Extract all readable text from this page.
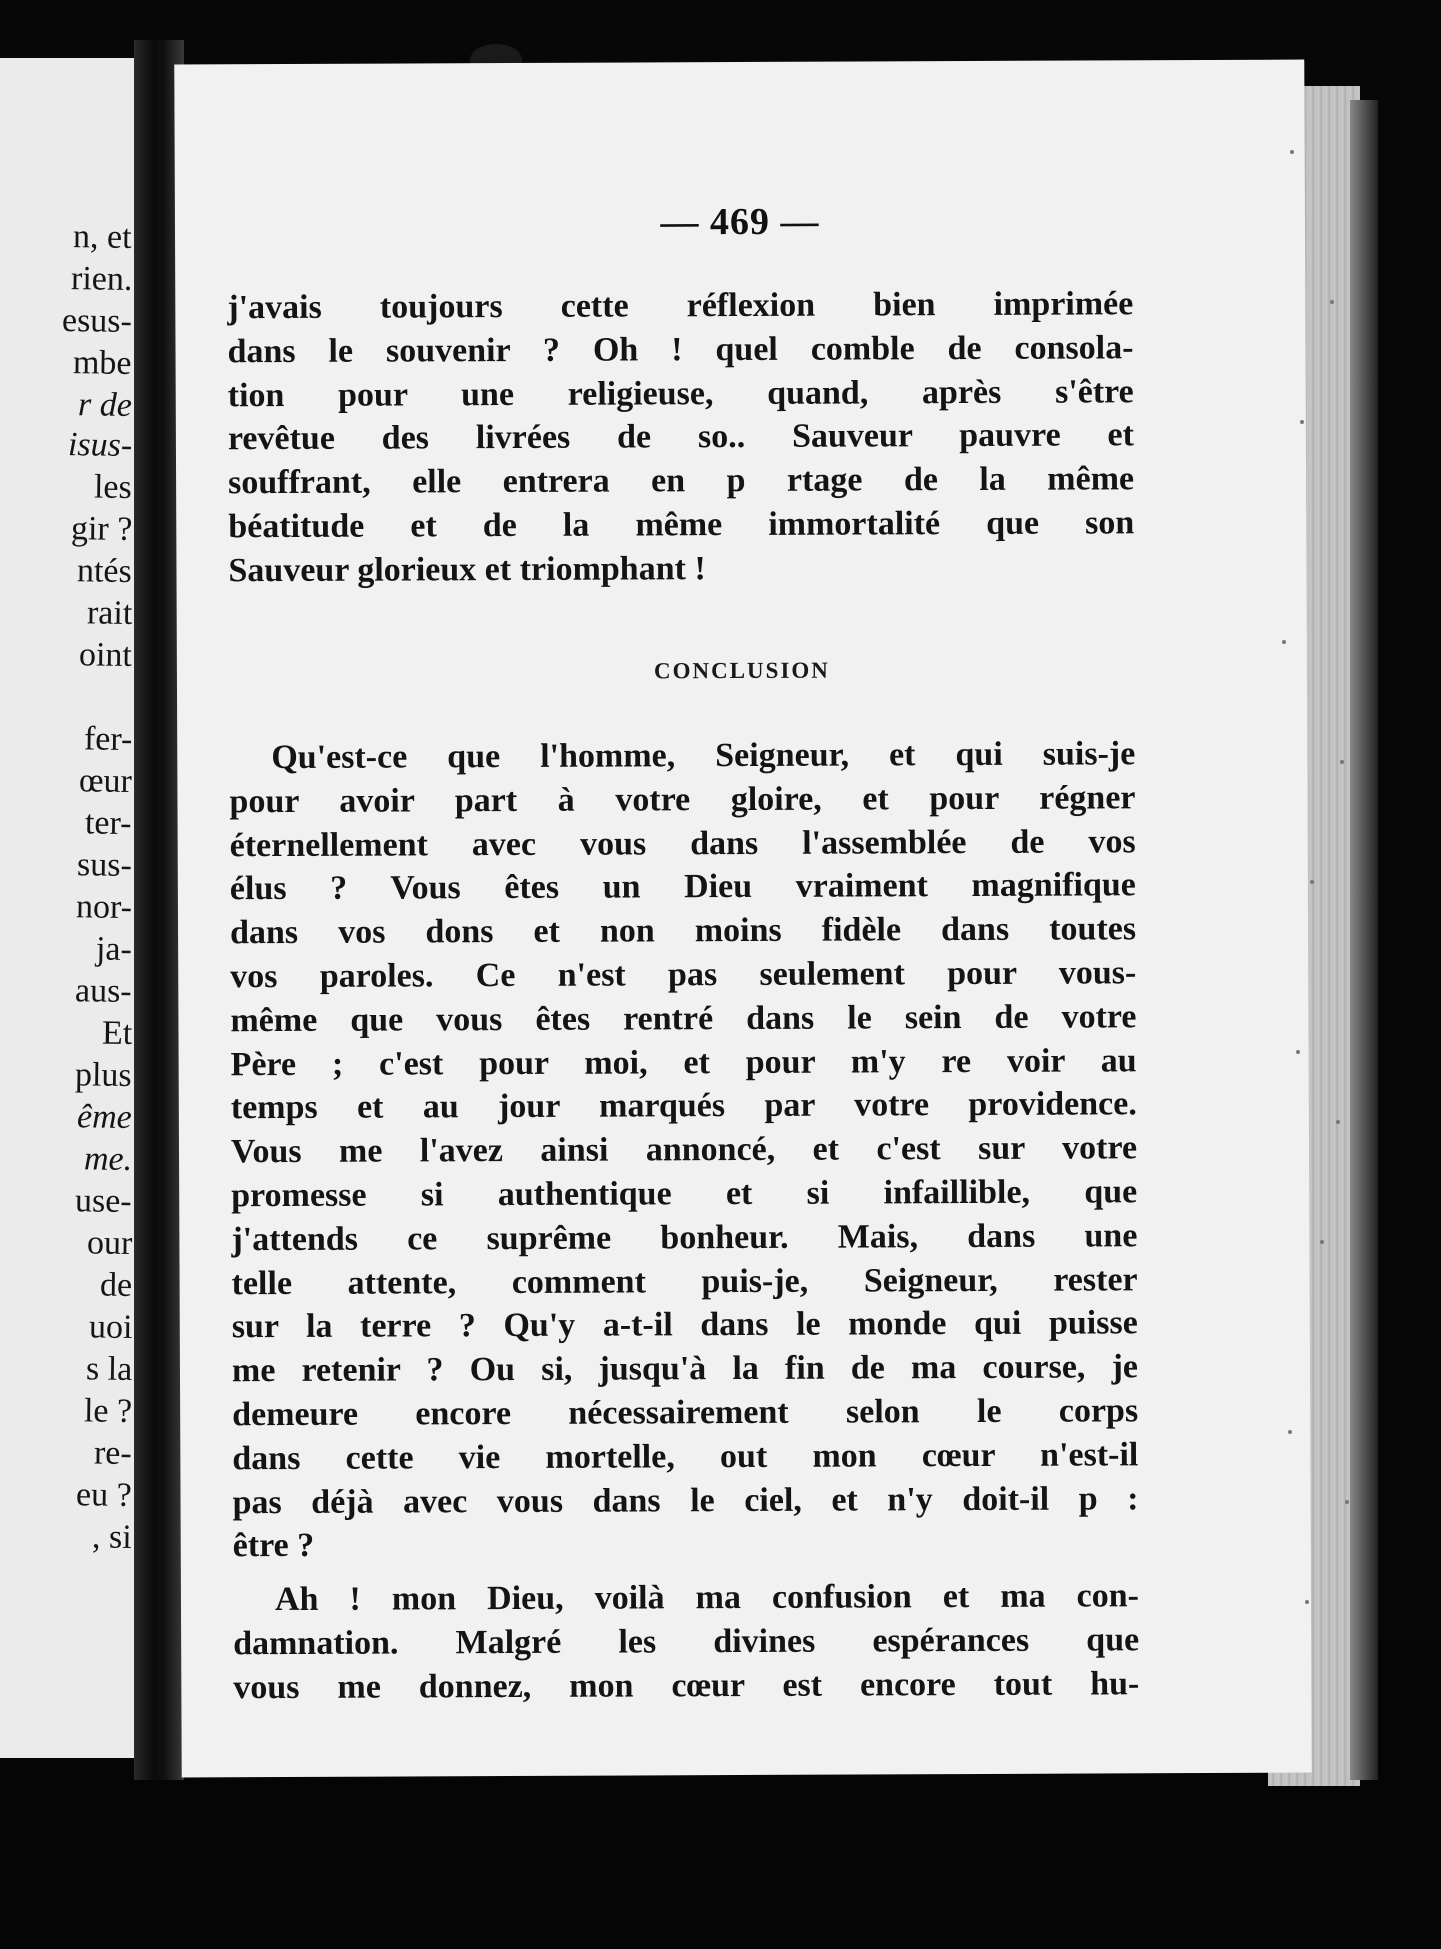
n, et
rien.
esus-
mbe
r de
isus-
les
gir ?
ntés
rait
oint
fer-
œur
ter-
sus-
nor-
ja-
aus-
Et
plus
ême
me.
use-
our
de
uoi
s la
le ?
re-
eu ?
, si
— 469 —
j'avais toujours cette réflexion bien imprimée
dans le souvenir ? Oh ! quel comble de consola-
tion pour une religieuse, quand, après s'être
revêtue des livrées de so.. Sauveur pauvre et
souffrant, elle entrera en p rtage de la même
béatitude et de la même immortalité que son
Sauveur glorieux et triomphant !
CONCLUSION
Qu'est-ce que l'homme, Seigneur, et qui suis-je
pour avoir part à votre gloire, et pour régner
éternellement avec vous dans l'assemblée de vos
élus ? Vous êtes un Dieu vraiment magnifique
dans vos dons et non moins fidèle dans toutes
vos paroles. Ce n'est pas seulement pour vous-
même que vous êtes rentré dans le sein de votre
Père ; c'est pour moi, et pour m'y re voir au
temps et au jour marqués par votre providence.
Vous me l'avez ainsi annoncé, et c'est sur votre
promesse si authentique et si infaillible, que
j'attends ce suprême bonheur. Mais, dans une
telle attente, comment puis-je, Seigneur, rester
sur la terre ? Qu'y a-t-il dans le monde qui puisse
me retenir ? Ou si, jusqu'à la fin de ma course, je
demeure encore nécessairement selon le corps
dans cette vie mortelle, out mon cœur n'est-il
pas déjà avec vous dans le ciel, et n'y doit-il p :
être ?
Ah ! mon Dieu, voilà ma confusion et ma con-
damnation. Malgré les divines espérances que
vous me donnez, mon cœur est encore tout hu-
